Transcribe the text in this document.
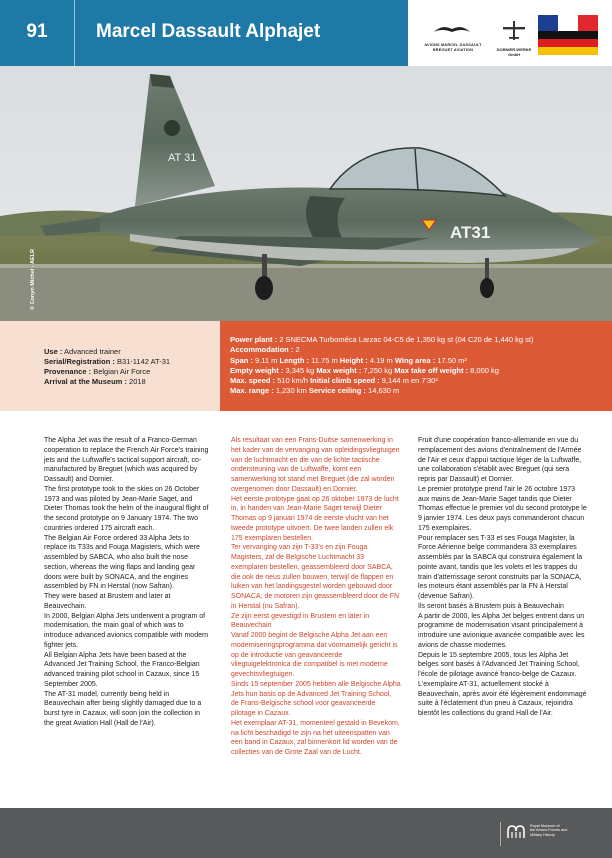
91	Marcel Dassault Alphajet
AVIONS MARCEL DASSAULT
BREGUET AVIATION	DORNIER-WERKE
GmbH
AT 31
AT31
© Conyn Michel - AELR
Use : Advanced trainer
Serial/Registration : B31-1142 AT-31
Provenance : Belgian Air Force
Arrival at the Museum : 2018
Power plant : 2 SNECMA Turboméca Larzac 04-C5 de 1,350 kg st (04 C20 de 1,440 kg st)
Accommodation : 2
Span : 9.11 m Length : 11.75 m Height : 4.19 m Wing area : 17.50 m²
Empty weight : 3,345 kg Max weight : 7,250 kg Max take off weight : 8,000 kg
Max. speed : 510 km/h Initial climb speed : 9,144 m en 7'30²
Max. range : 1,230 km Service ceiling : 14,630 m
The Alpha Jet was the result of a Franco-German cooperation to replace the French Air Force's training jets and the Luftwaffe's tactical support aircraft, co-manufactured by Breguet (which was acquired by Dassault) and Dornier.
The first prototype took to the skies on 26 October 1973 and was piloted by Jean-Marie Saget, and Dieter Thomas took the helm of the inaugural flight of the second prototype on 9 January 1974. The two countries ordered 175 aircraft each.
The Belgian Air Force ordered 33 Alpha Jets to replace its T33s and Fouga Magisters, which were assembled by SABCA, who also built the nose section, whereas the wing flaps and landing gear doors were built by SONACA, and the engines assembled by FN in Herstal (now Safran).
They were based at Brustem and later at Beauvechain.
In 2000, Belgian Alpha Jets underwent a program of modernisation, the main goal of which was to introduce advanced avionics compatible with modern fighter jets.
All Belgian Alpha Jets have been based at the Advanced Jet Training School, the Franco-Belgian advanced training pilot school in Cazaux, since 15 September 2005.
The AT-31 model, currently being held in Beauvechain after being slightly damaged due to a burst tyre in Cazaux, will soon join the collection in the great Aviation Hall (Hall de l'Air).
Als resultaat van een Frans-Duitse samenwerking in het kader van de vervanging van opleidingsvliegtuigen van de luchtmacht en die van de lichte tactische ondersteuning van de Luftwaffe, komt een samenwerking tot stand met Breguet (die zal worden overgenomen door Dassault) en Dornier.
Het eerste prototype gaat op 26 oktober 1973 de lucht in, in handen van Jean-Marie Saget terwijl Dieter Thomas op 9 januari 1974 de eerste vlucht van het tweede prototype uitvoert. De twee landen zullen elk 175 exemplaren bestellen.
Ter vervanging van zijn T-33's en zijn Fouga Magisters, zal de Belgische Luchtmacht 33 exemplaren bestellen, geassembleerd door SABCA, die ook de neus zullen bouwen, terwijl de flappen en luiken van het landingsgestel worden gebouwd door SONACA, de motoren zijn geassembleerd door de FN in Herstal (nu Safran).
Ze zijn eerst gevestigd in Brustem en later in Beauvechain
Vanaf 2000 begint de Belgische Alpha Jet aan een moderniseringsprogramma dat voornamelijk gericht is op de introductie van geavanceerde vliegtuigelektronica die compatibel is met moderne gevechtsvliegtuigen.
Sinds 15 september 2005 hebben alle Belgische Alpha Jets hun basis op de Advanced Jet Training School, de Frans-Belgische school voor geavanceerde pilotage in Cazaux.
Het exemplaar AT-31, momenteel gestald in Bevekom, na licht beschadigd te zijn na het uiteenspatten van een band in Cazaux, zal binnenkort lid worden van de collecties van de Grote Zaal van de Lucht.
Fruit d'une coopération franco-allemande en vue du remplacement des avions d'entraînement de l'Armée de l'Air et ceux d'appui tactique léger de la Luftwaffe, une collaboration s'établit avec Breguet (qui sera repris par Dassault) et Dornier.
Le premier prototype prend l'air le 26 octobre 1973 aux mains de Jean-Marie Saget tandis que Dieter Thomas effectue le premier vol du second prototype le 9 janvier 1974. Les deux pays commanderont chacun 175 exemplaires.
Pour remplacer ses T-33 et ses Fouga Magister, la Force Aérienne belge commandera 33 exemplaires assemblés par la SABCA qui construira également la pointe avant, tandis que les volets et les trappes du train d'atterrissage seront construits par la SONACA, les moteurs étant assemblés par la FN à Herstal (devenue Safran).
Ils seront basés à Brustem puis à Beauvechain
A partir de 2000, les Alpha Jet belges entrent dans un programme de modernisation visant principalement à introduire une avionique avancée compatible avec les avions de chasse modernes.
Depuis le 15 septembre 2005, tous les Alpha Jet belges sont basés à l'Advanced Jet Training School, l'école de pilotage avancé franco-belge de Cazaux.
L'exemplaire AT-31, actuellement stocké à Beauvechain, après avoir été légèrement endommagé suite à l'éclatement d'un pneu à Cazaux, rejoindra bientôt les collections du grand Hall de l'Air.
Royal Museum of
the Armed Forces and
Military History
